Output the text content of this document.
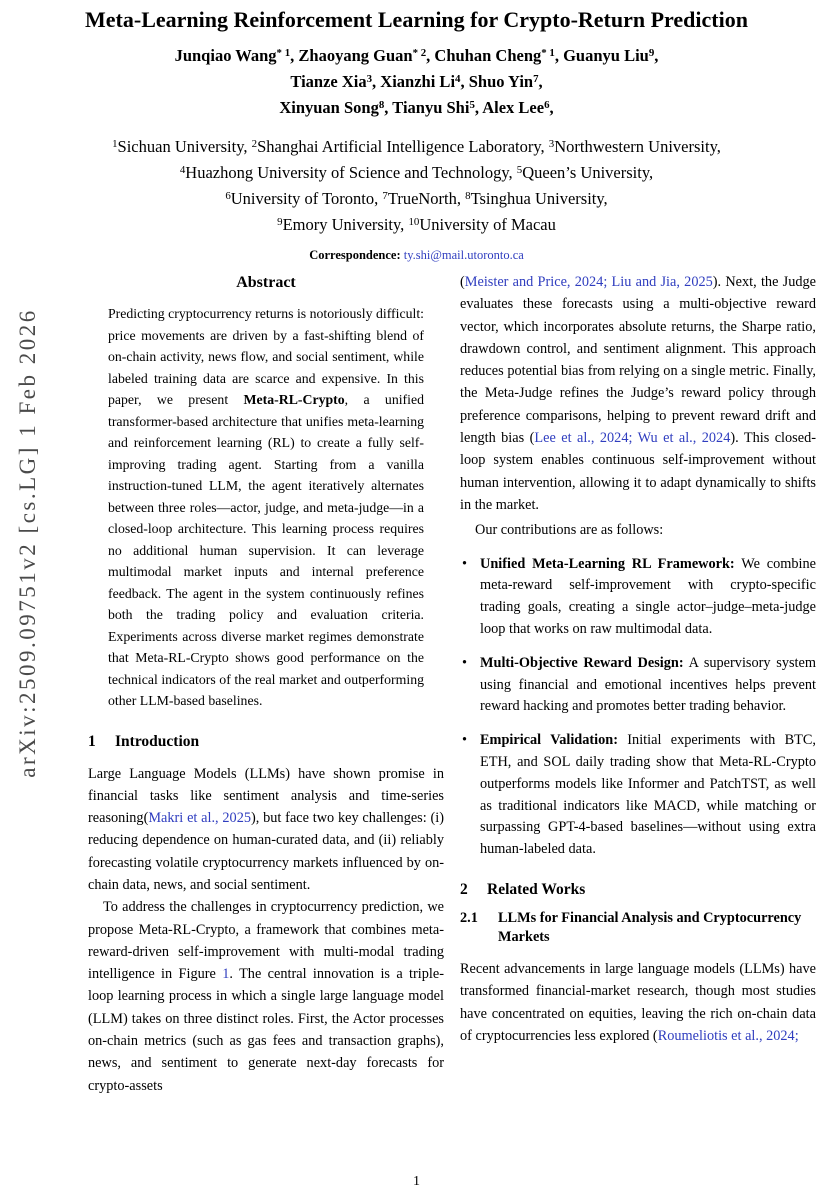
arXiv:2509.09751v2 [cs.LG] 1 Feb 2026
Meta-Learning Reinforcement Learning for Crypto-Return Prediction
Junqiao Wang$^{* 1}$, Zhaoyang Guan$^{* 2}$, Chuhan Cheng$^{* 1}$, Guanyu Liu$^9$,
Tianze Xia$^3$, Xianzhi Li$^4$, Shuo Yin$^7$,
Xinyuan Song$^8$, Tianyu Shi$^5$, Alex Lee$^6$,
$^1$Sichuan University, $^2$Shanghai Artificial Intelligence Laboratory, $^3$Northwestern University,
$^4$Huazhong University of Science and Technology, $^5$Queen’s University,
$^6$University of Toronto, $^7$TrueNorth, $^8$Tsinghua University,
$^9$Emory University, $^{10}$University of Macau
Correspondence: ty.shi@mail.utoronto.ca
Abstract

Predicting cryptocurrency returns is notoriously difficult: price movements are driven by a fast-shifting blend of on-chain activity, news flow, and social sentiment, while labeled training data are scarce and expensive. In this paper, we present Meta-RL-Crypto, a unified transformer-based architecture that unifies meta-learning and reinforcement learning (RL) to create a fully self-improving trading agent. Starting from a vanilla instruction-tuned LLM, the agent iteratively alternates between three roles—actor, judge, and meta-judge—in a closed-loop architecture. This learning process requires no additional human supervision. It can leverage multimodal market inputs and internal preference feedback. The agent in the system continuously refines both the trading policy and evaluation criteria. Experiments across diverse market regimes demonstrate that Meta-RL-Crypto shows good performance on the technical indicators of the real market and outperforming other LLM-based baselines.

1	Introduction

Large Language Models (LLMs) have shown promise in financial tasks like sentiment analysis and time-series reasoning(Makri et al., 2025), but face two key challenges: (i) reducing dependence on human-curated data, and (ii) reliably forecasting volatile cryptocurrency markets influenced by on-chain data, news, and social sentiment.

To address the challenges in cryptocurrency prediction, we propose Meta-RL-Crypto, a framework that combines meta-reward-driven self-improvement with multi-modal trading intelligence in Figure 1. The central innovation is a triple-loop learning process in which a single large language model (LLM) takes on three distinct roles. First, the Actor processes on-chain metrics (such as gas fees and transaction graphs), news, and sentiment to generate next-day forecasts for crypto-assets

(Meister and Price, 2024; Liu and Jia, 2025). Next, the Judge evaluates these forecasts using a multi-objective reward vector, which incorporates absolute returns, the Sharpe ratio, drawdown control, and sentiment alignment. This approach reduces potential bias from relying on a single metric. Finally, the Meta-Judge refines the Judge’s reward policy through preference comparisons, helping to prevent reward drift and length bias (Lee et al., 2024; Wu et al., 2024). This closed-loop system enables continuous self-improvement without human intervention, allowing it to adapt dynamically to shifts in the market.

Our contributions are as follows:

• Unified Meta-Learning RL Framework: We combine meta-reward self-improvement with crypto-specific trading goals, creating a single actor–judge–meta-judge loop that works on raw multimodal data.

• Multi-Objective Reward Design: A supervisory system using financial and emotional incentives helps prevent reward hacking and promotes better trading behavior.

• Empirical Validation: Initial experiments with BTC, ETH, and SOL daily trading show that Meta-RL-Crypto outperforms models like Informer and PatchTST, as well as traditional indicators like MACD, while matching or surpassing GPT-4-based baselines—without using extra human-labeled data.

2	Related Works
2.1	LLMs for Financial Analysis and Cryptocurrency Markets

Recent advancements in large language models (LLMs) have transformed financial-market research, though most studies have concentrated on equities, leaving the rich on-chain data of cryptocurrencies less explored (Roumeliotis et al., 2024;

1
